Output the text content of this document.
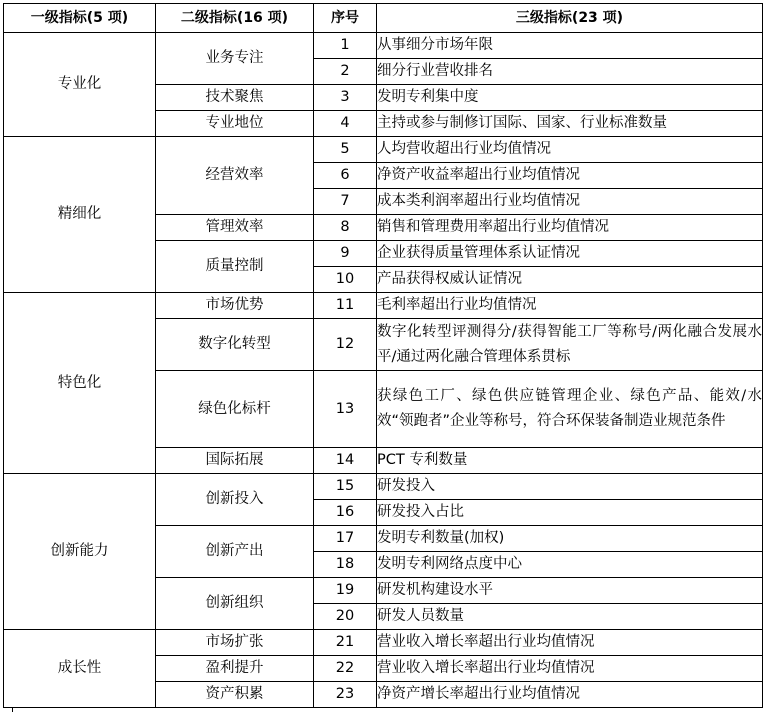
一级指标(5 项)	二级指标(16 项)	序号	三级指标(23 项)
专业化	业务专注	1	从事细分市场年限
		2	细分行业营收排名
	技术聚焦	3	发明专利集中度
	专业地位	4	主持或参与制修订国际、国家、行业标准数量
精细化	经营效率	5	人均营收超出行业均值情况
		6	净资产收益率超出行业均值情况
		7	成本类利润率超出行业均值情况
	管理效率	8	销售和管理费用率超出行业均值情况
	质量控制	9	企业获得质量管理体系认证情况
		10	产品获得权威认证情况
特色化	市场优势	11	毛利率超出行业均值情况
	数字化转型	12	数字化转型评测得分/获得智能工厂等称号/两化融合发展水平/通过两化融合管理体系贯标
	绿色化标杆	13	获绿色工厂、绿色供应链管理企业、绿色产品、能效/水效“领跑者”企业等称号，符合环保装备制造业规范条件
	国际拓展	14	PCT 专利数量
创新能力	创新投入	15	研发投入
		16	研发投入占比
	创新产出	17	发明专利数量(加权)
		18	发明专利网络点度中心
	创新组织	19	研发机构建设水平
		20	研发人员数量
成长性	市场扩张	21	营业收入增长率超出行业均值情况
	盈利提升	22	营业收入增长率超出行业均值情况
	资产积累	23	净资产增长率超出行业均值情况
